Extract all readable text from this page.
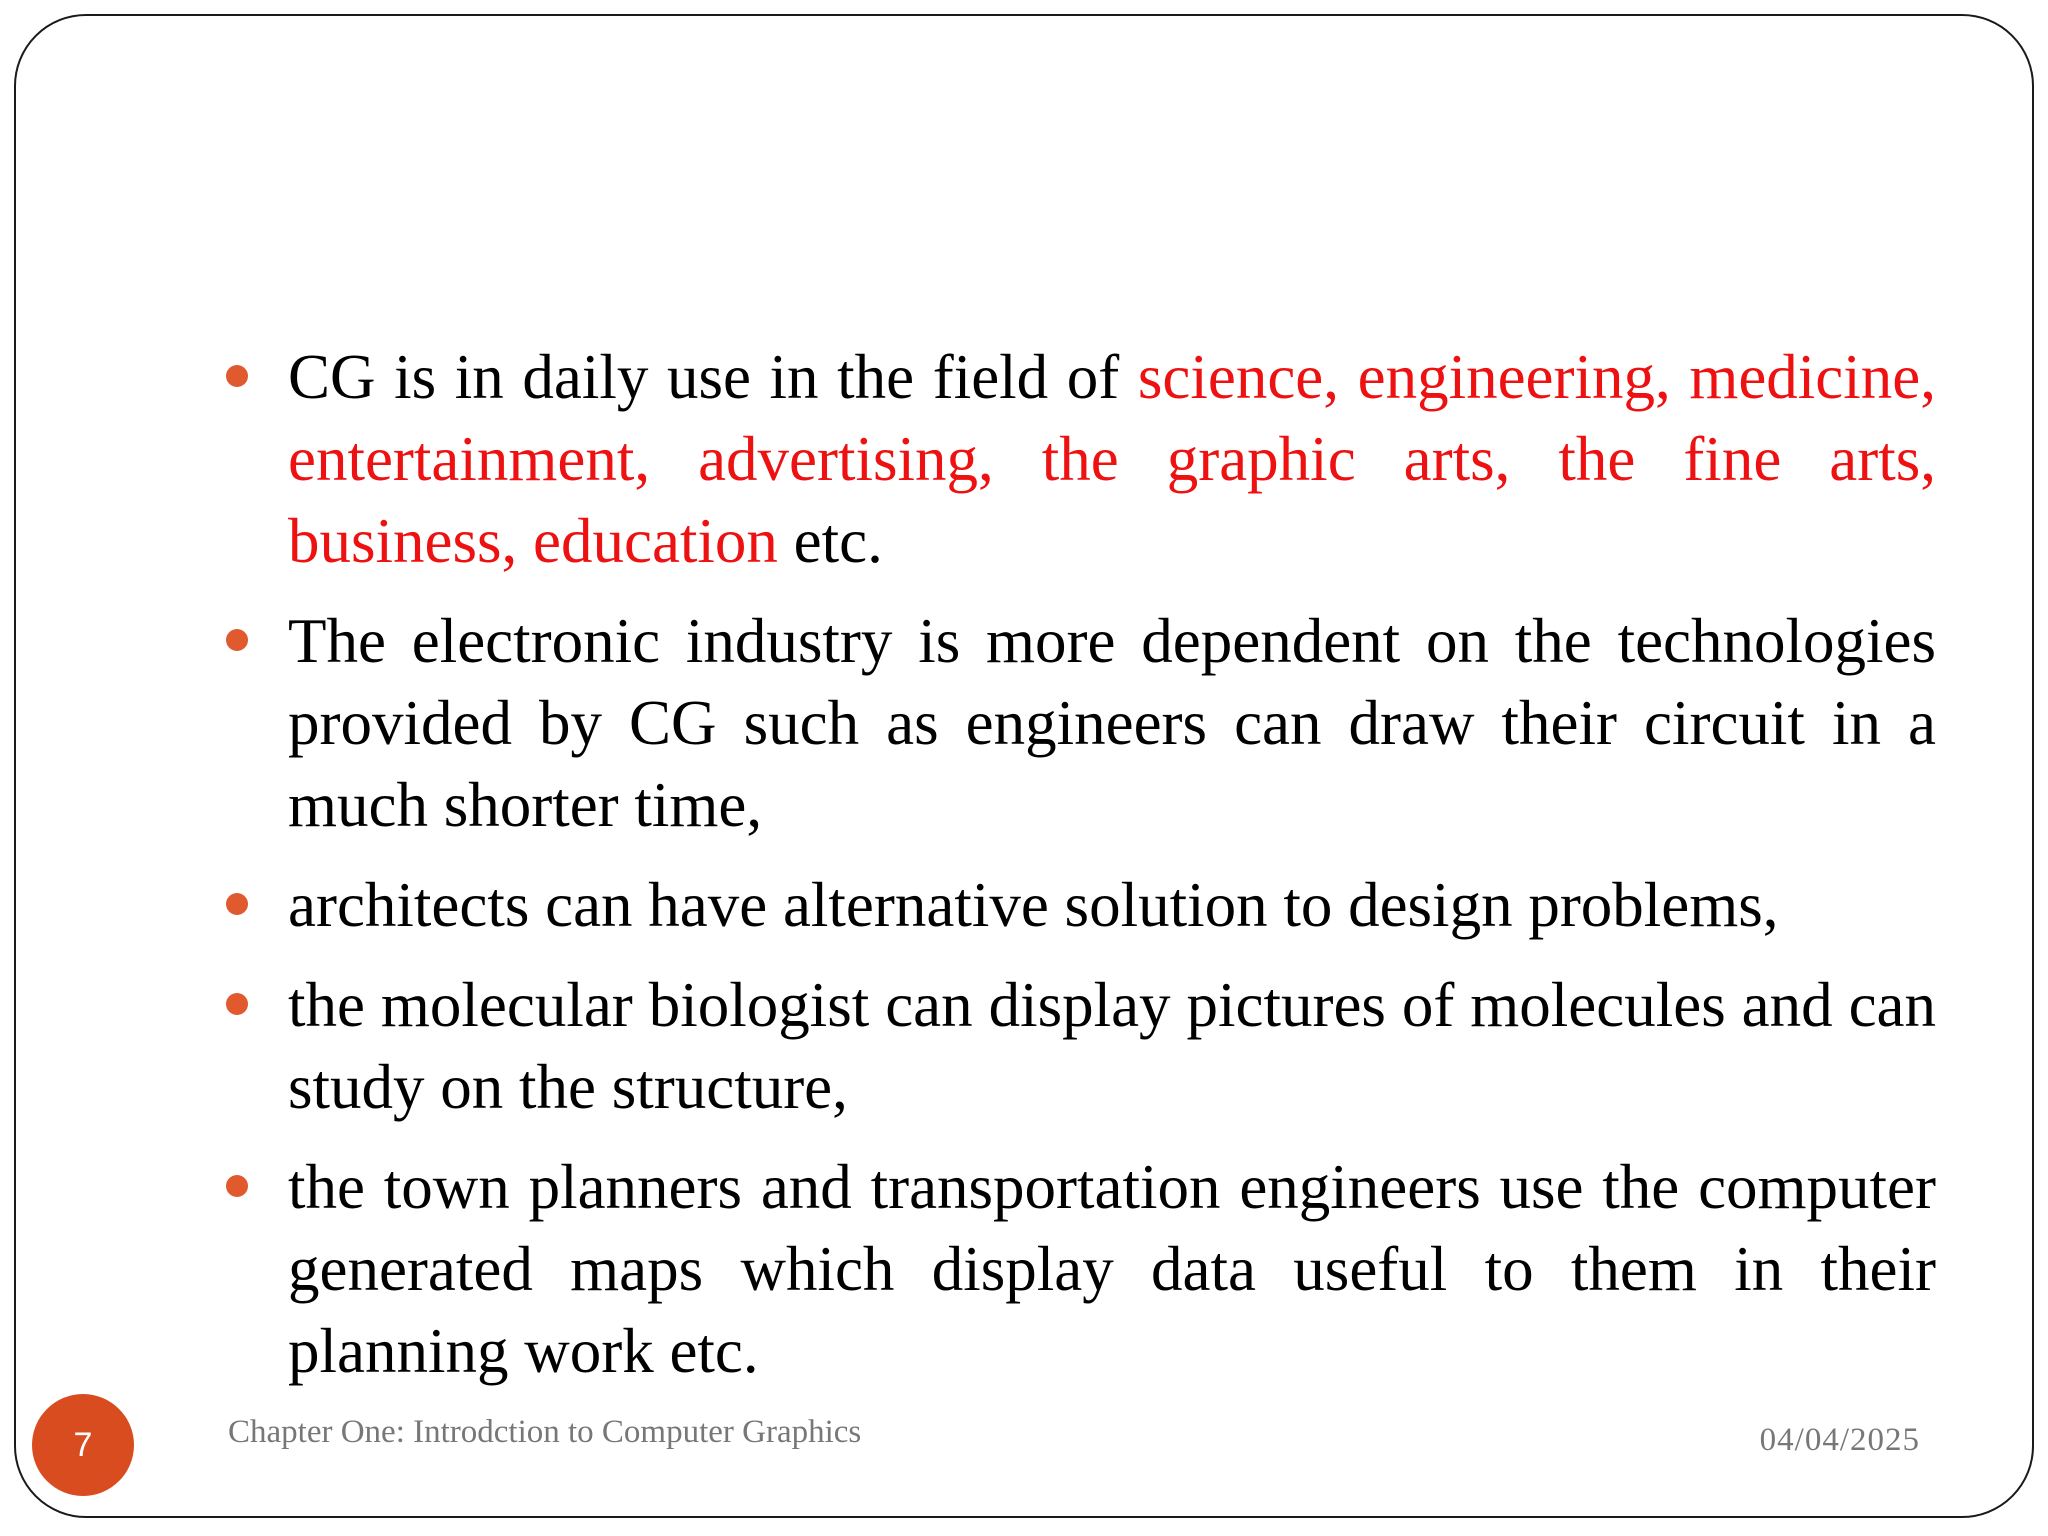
CG is in daily use in the field of science, engineering, medicine, entertainment, advertising, the graphic arts, the fine arts, business, education etc.
The electronic industry is more dependent on the technologies provided by CG such as engineers can draw their circuit in a much shorter time,
architects can have alternative solution to design problems,
the molecular biologist can display pictures of molecules and can study on the structure,
the town planners and transportation engineers use the computer generated maps which display data useful to them in their planning work etc.
7	Chapter One: Introdction to Computer Graphics	04/04/2025
